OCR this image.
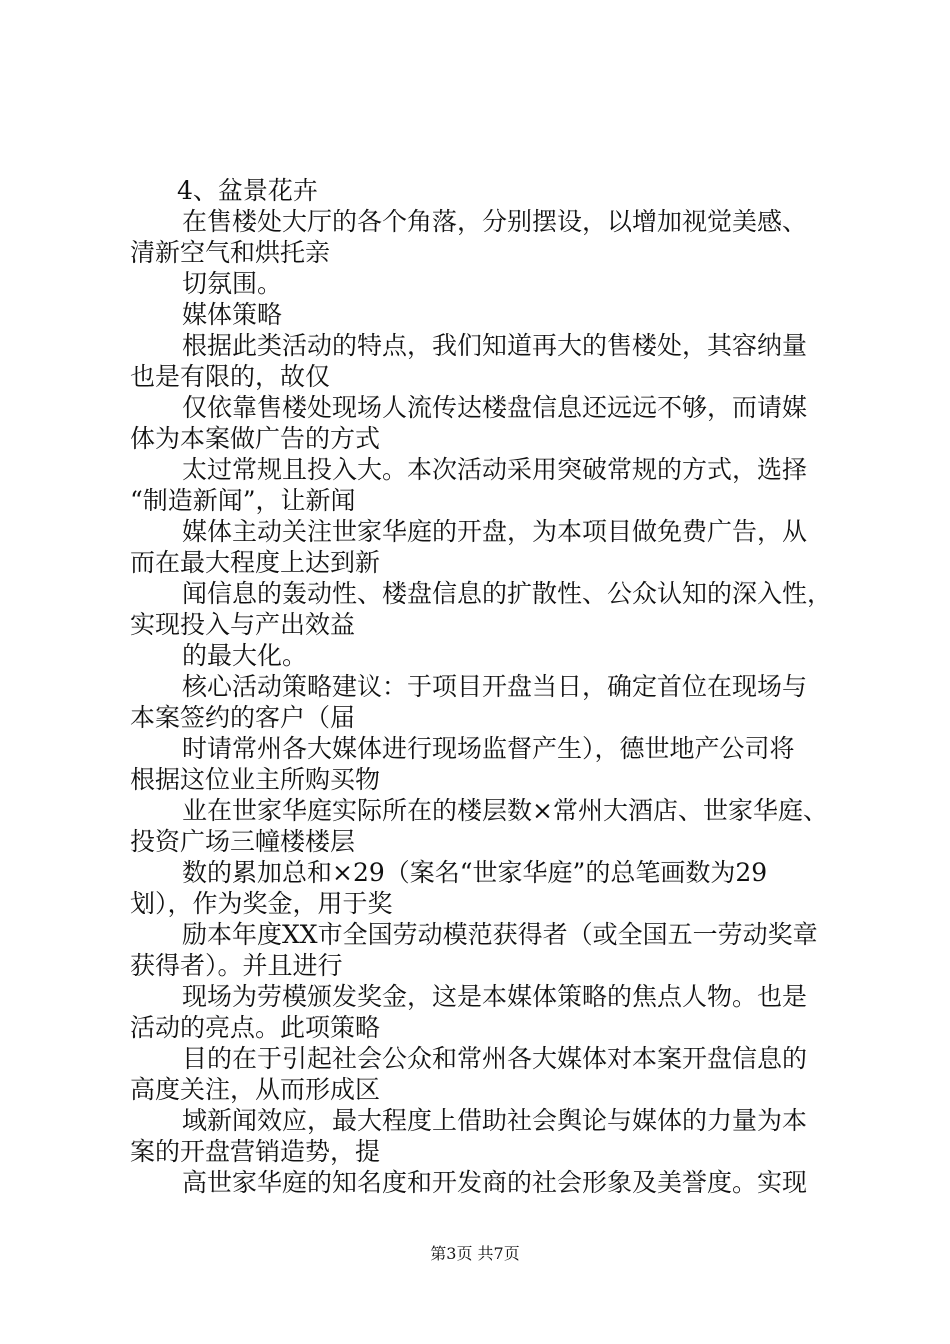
4、盆景花卉
在售楼处大厅的各个角落，分别摆设，以增加视觉美感、
清新空气和烘托亲
切氛围。
媒体策略
根据此类活动的特点，我们知道再大的售楼处，其容纳量
也是有限的，故仅
仅依靠售楼处现场人流传达楼盘信息还远远不够，而请媒
体为本案做广告的方式
太过常规且投入大。本次活动采用突破常规的方式，选择
“制造新闻”，让新闻
媒体主动关注世家华庭的开盘，为本项目做免费广告，从
而在最大程度上达到新
闻信息的轰动性、楼盘信息的扩散性、公众认知的深入性，
实现投入与产出效益
的最大化。
核心活动策略建议：于项目开盘当日，确定首位在现场与
本案签约的客户（届
时请常州各大媒体进行现场监督产生），德世地产公司将
根据这位业主所购买物
业在世家华庭实际所在的楼层数×常州大酒店、世家华庭、
投资广场三幢楼楼层
数的累加总和×29（案名“世家华庭”的总笔画数为29
划），作为奖金，用于奖
励本年度XX市全国劳动模范获得者（或全国五一劳动奖章
获得者）。并且进行
现场为劳模颁发奖金，这是本媒体策略的焦点人物。也是
活动的亮点。此项策略
目的在于引起社会公众和常州各大媒体对本案开盘信息的
高度关注，从而形成区
域新闻效应，最大程度上借助社会舆论与媒体的力量为本
案的开盘营销造势，提
高世家华庭的知名度和开发商的社会形象及美誉度。实现
第3页 共7页
